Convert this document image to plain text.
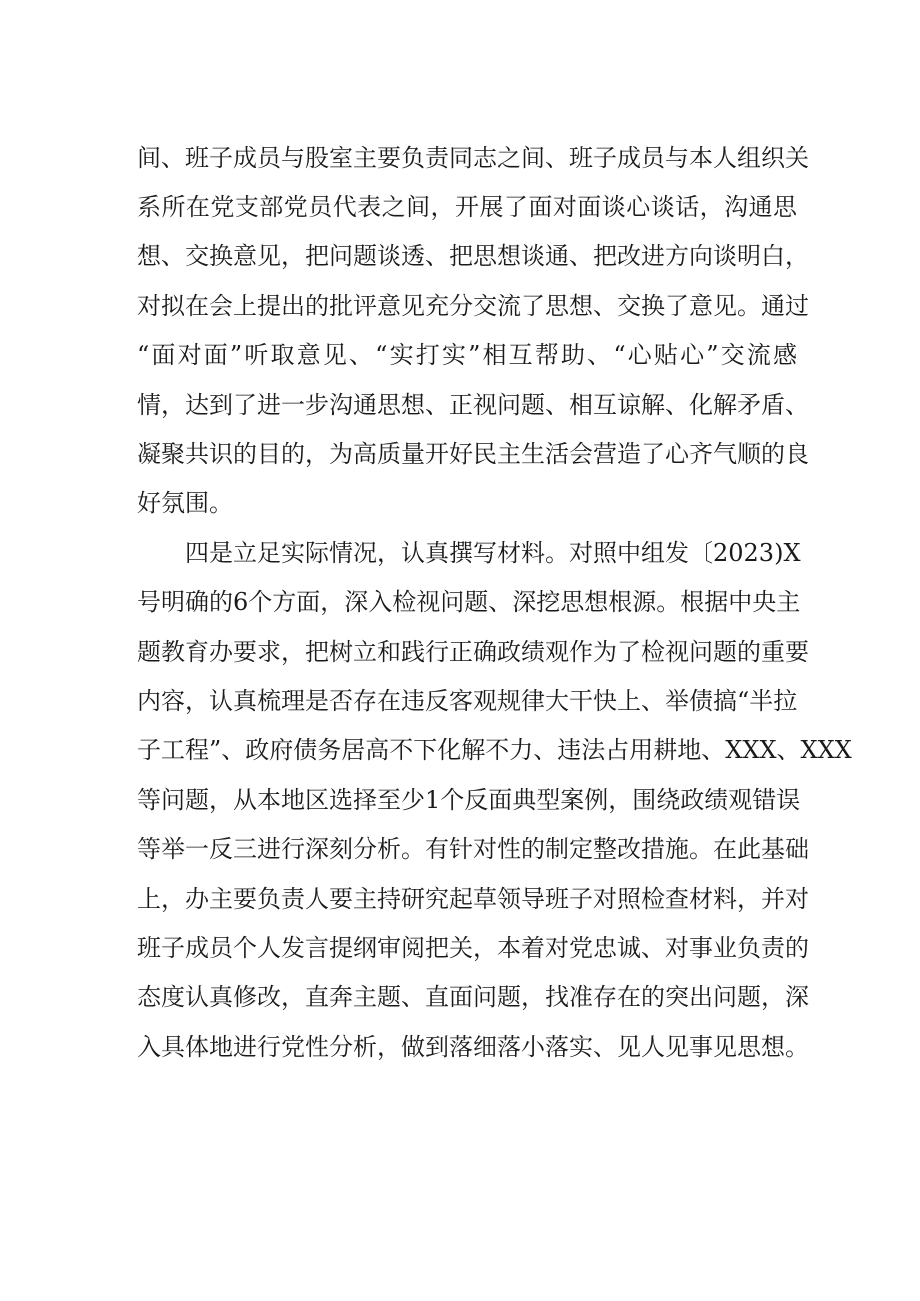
间、班子成员与股室主要负责同志之间、班子成员与本人组织关
系所在党支部党员代表之间，开展了面对面谈心谈话，沟通思
想、交换意见，把问题谈透、把思想谈通、把改进方向谈明白，
对拟在会上提出的批评意见充分交流了思想、交换了意见。通过
“面对面”听取意见、“实打实”相互帮助、“心贴心”交流感
情，达到了进一步沟通思想、正视问题、相互谅解、化解矛盾、
凝聚共识的目的，为高质量开好民主生活会营造了心齐气顺的良
好氛围。
四是立足实际情况，认真撰写材料。对照中组发〔2023)X
号明确的6个方面，深入检视问题、深挖思想根源。根据中央主
题教育办要求，把树立和践行正确政绩观作为了检视问题的重要
内容，认真梳理是否存在违反客观规律大干快上、举债搞“半拉
子工程”、政府债务居高不下化解不力、违法占用耕地、XXX、XXX
等问题，从本地区选择至少1个反面典型案例，围绕政绩观错误
等举一反三进行深刻分析。有针对性的制定整改措施。在此基础
上，办主要负责人要主持研究起草领导班子对照检查材料，并对
班子成员个人发言提纲审阅把关，本着对党忠诚、对事业负责的
态度认真修改，直奔主题、直面问题，找准存在的突出问题，深
入具体地进行党性分析，做到落细落小落实、见人见事见思想。
